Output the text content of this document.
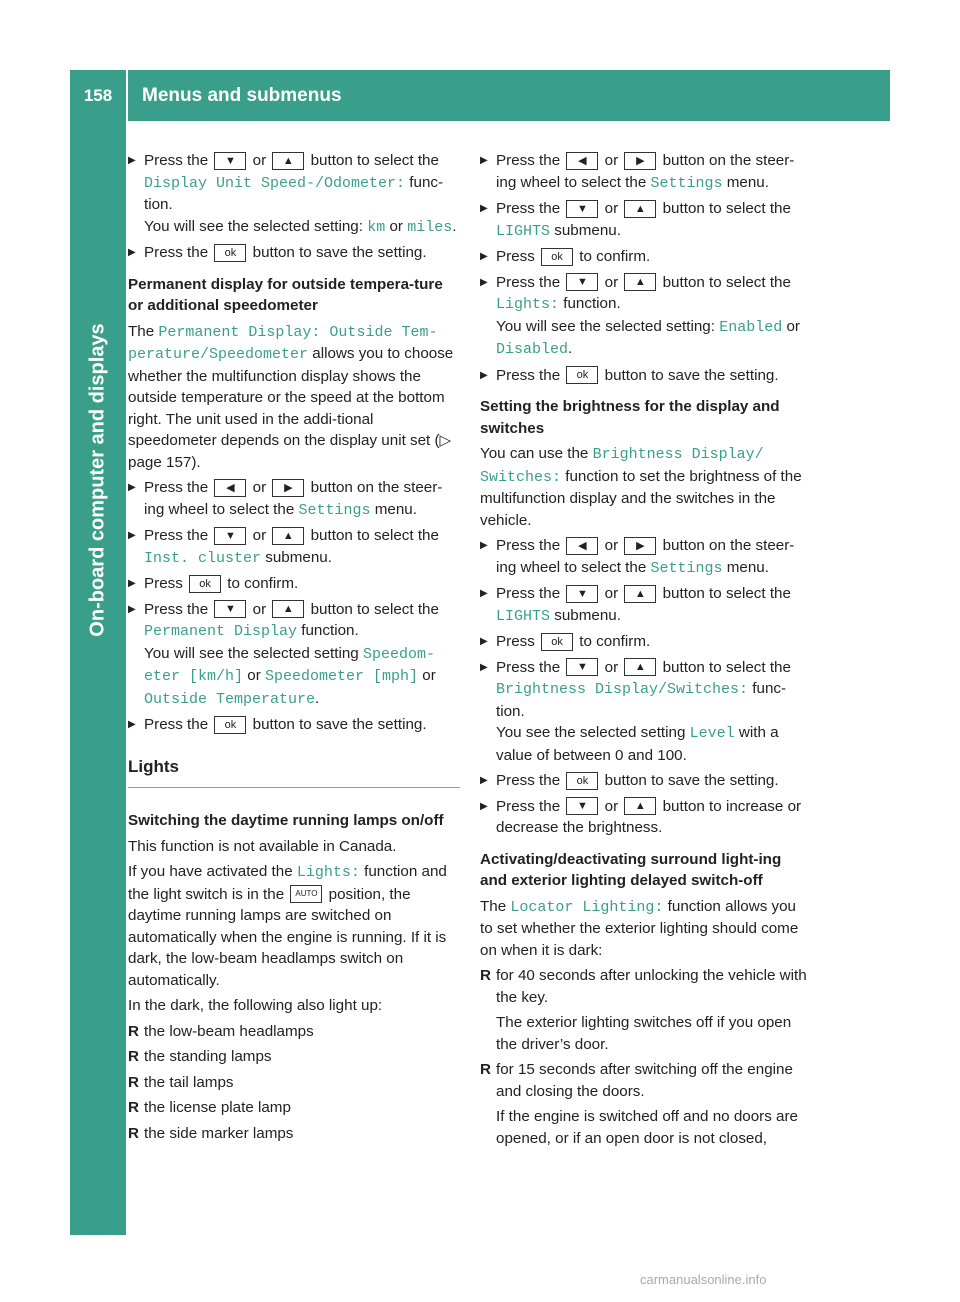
158	Menus and submenus
On-board computer and displays
▶ Press the ▼ or ▲ button to select the Display Unit Speed-/Odometer: func-tion.
You will see the selected setting: km or miles.
▶ Press the ok button to save the setting.
Permanent display for outside tempera-ture or additional speedometer

The Permanent Display: Outside Tem-perature/Speedometer allows you to choose whether the multifunction display shows the outside temperature or the speed at the bottom right. The unit used in the addi-tional speedometer depends on the display unit set (▷ page 157).

▶ Press the ◀ or ▶ button on the steer-ing wheel to select the Settings menu.
▶ Press the ▼ or ▲ button to select the Inst. cluster submenu.
▶ Press ok to confirm.
▶ Press the ▼ or ▲ button to select the Permanent Display function.
You will see the selected setting Speedom-eter [km/h] or Speedometer [mph] or Outside Temperature.
▶ Press the ok button to save the setting.
Lights
Switching the daytime running lamps on/off

This function is not available in Canada.

If you have activated the Lights: function and the light switch is in the AUTO position, the daytime running lamps are switched on automatically when the engine is running. If it is dark, the low-beam headlamps switch on automatically.

In the dark, the following also light up:

R the low-beam headlamps
R the standing lamps
R the tail lamps
R the license plate lamp
R the side marker lamps
▶ Press the ◀ or ▶ button on the steer-ing wheel to select the Settings menu.
▶ Press the ▼ or ▲ button to select the LIGHTS submenu.
▶ Press ok to confirm.
▶ Press the ▼ or ▲ button to select the Lights: function.
You will see the selected setting: Enabled or Disabled.
▶ Press the ok button to save the setting.
Setting the brightness for the display and switches

You can use the Brightness Display/ Switches: function to set the brightness of the multifunction display and the switches in the vehicle.

▶ Press the ◀ or ▶ button on the steer-ing wheel to select the Settings menu.
▶ Press the ▼ or ▲ button to select the LIGHTS submenu.
▶ Press ok to confirm.
▶ Press the ▼ or ▲ button to select the Brightness Display/Switches: func-tion.
You see the selected setting Level with a value of between 0 and 100.
▶ Press the ok button to save the setting.
▶ Press the ▼ or ▲ button to increase or decrease the brightness.
Activating/deactivating surround light-ing and exterior lighting delayed switch-off

The Locator Lighting: function allows you to set whether the exterior lighting should come on when it is dark:

R for 40 seconds after unlocking the vehicle with the key.
The exterior lighting switches off if you open the driver’s door.
R for 15 seconds after switching off the engine and closing the doors.
If the engine is switched off and no doors are opened, or if an open door is not closed,
carmanualsonline.info
